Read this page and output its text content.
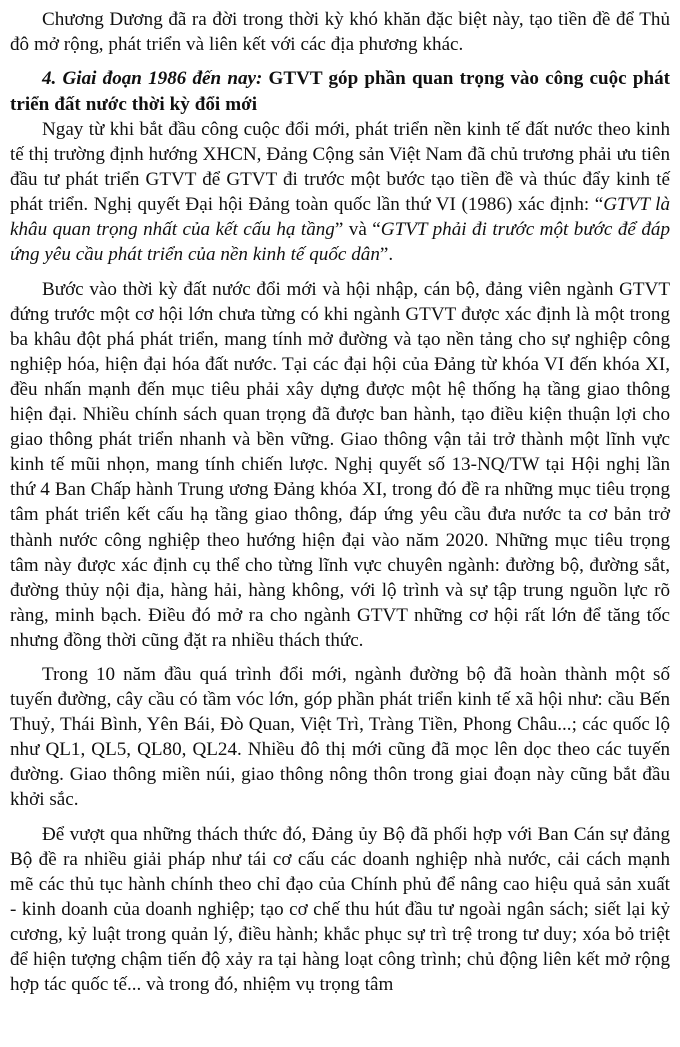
Chương Dương đã ra đời trong thời kỳ khó khăn đặc biệt này, tạo tiền đề để Thủ đô mở rộng, phát triển và liên kết với các địa phương khác.

4. Giai đoạn 1986 đến nay: GTVT góp phần quan trọng vào công cuộc phát triển đất nước thời kỳ đổi mới

Ngay từ khi bắt đầu công cuộc đổi mới, phát triển nền kinh tế đất nước theo kinh tế thị trường định hướng XHCN, Đảng Cộng sản Việt Nam đã chủ trương phải ưu tiên đầu tư phát triển GTVT để GTVT đi trước một bước tạo tiền đề và thúc đẩy kinh tế phát triển. Nghị quyết Đại hội Đảng toàn quốc lần thứ VI (1986) xác định: “GTVT là khâu quan trọng nhất của kết cấu hạ tầng” và “GTVT phải đi trước một bước để đáp ứng yêu cầu phát triển của nền kinh tế quốc dân”.

Bước vào thời kỳ đất nước đổi mới và hội nhập, cán bộ, đảng viên ngành GTVT đứng trước một cơ hội lớn chưa từng có khi ngành GTVT được xác định là một trong ba khâu đột phá phát triển, mang tính mở đường và tạo nền tảng cho sự nghiệp công nghiệp hóa, hiện đại hóa đất nước. Tại các đại hội của Đảng từ khóa VI đến khóa XI, đều nhấn mạnh đến mục tiêu phải xây dựng được một hệ thống hạ tầng giao thông hiện đại. Nhiều chính sách quan trọng đã được ban hành, tạo điều kiện thuận lợi cho giao thông phát triển nhanh và bền vững. Giao thông vận tải trở thành một lĩnh vực kinh tế mũi nhọn, mang tính chiến lược. Nghị quyết số 13-NQ/TW tại Hội nghị lần thứ 4 Ban Chấp hành Trung ương Đảng khóa XI, trong đó đề ra những mục tiêu trọng tâm phát triển kết cấu hạ tầng giao thông, đáp ứng yêu cầu đưa nước ta cơ bản trở thành nước công nghiệp theo hướng hiện đại vào năm 2020. Những mục tiêu trọng tâm này được xác định cụ thể cho từng lĩnh vực chuyên ngành: đường bộ, đường sắt, đường thủy nội địa, hàng hải, hàng không, với lộ trình và sự tập trung nguồn lực rõ ràng, minh bạch. Điều đó mở ra cho ngành GTVT những cơ hội rất lớn để tăng tốc nhưng đồng thời cũng đặt ra nhiều thách thức.

Trong 10 năm đầu quá trình đổi mới, ngành đường bộ đã hoàn thành một số tuyến đường, cây cầu có tầm vóc lớn, góp phần phát triển kinh tế xã hội như: cầu Bến Thuỷ, Thái Bình, Yên Bái, Đò Quan, Việt Trì, Tràng Tiền, Phong Châu...; các quốc lộ như QL1, QL5, QL80, QL24. Nhiều đô thị mới cũng đã mọc lên dọc theo các tuyến đường. Giao thông miền núi, giao thông nông thôn trong giai đoạn này cũng bắt đầu khởi sắc.

Để vượt qua những thách thức đó, Đảng ủy Bộ đã phối hợp với Ban Cán sự đảng Bộ đề ra nhiều giải pháp như tái cơ cấu các doanh nghiệp nhà nước, cải cách mạnh mẽ các thủ tục hành chính theo chỉ đạo của Chính phủ để nâng cao hiệu quả sản xuất - kinh doanh của doanh nghiệp; tạo cơ chế thu hút đầu tư ngoài ngân sách; siết lại kỷ cương, kỷ luật trong quản lý, điều hành; khắc phục sự trì trệ trong tư duy; xóa bỏ triệt để hiện tượng chậm tiến độ xảy ra tại hàng loạt công trình; chủ động liên kết mở rộng hợp tác quốc tế... và trong đó, nhiệm vụ trọng tâm
